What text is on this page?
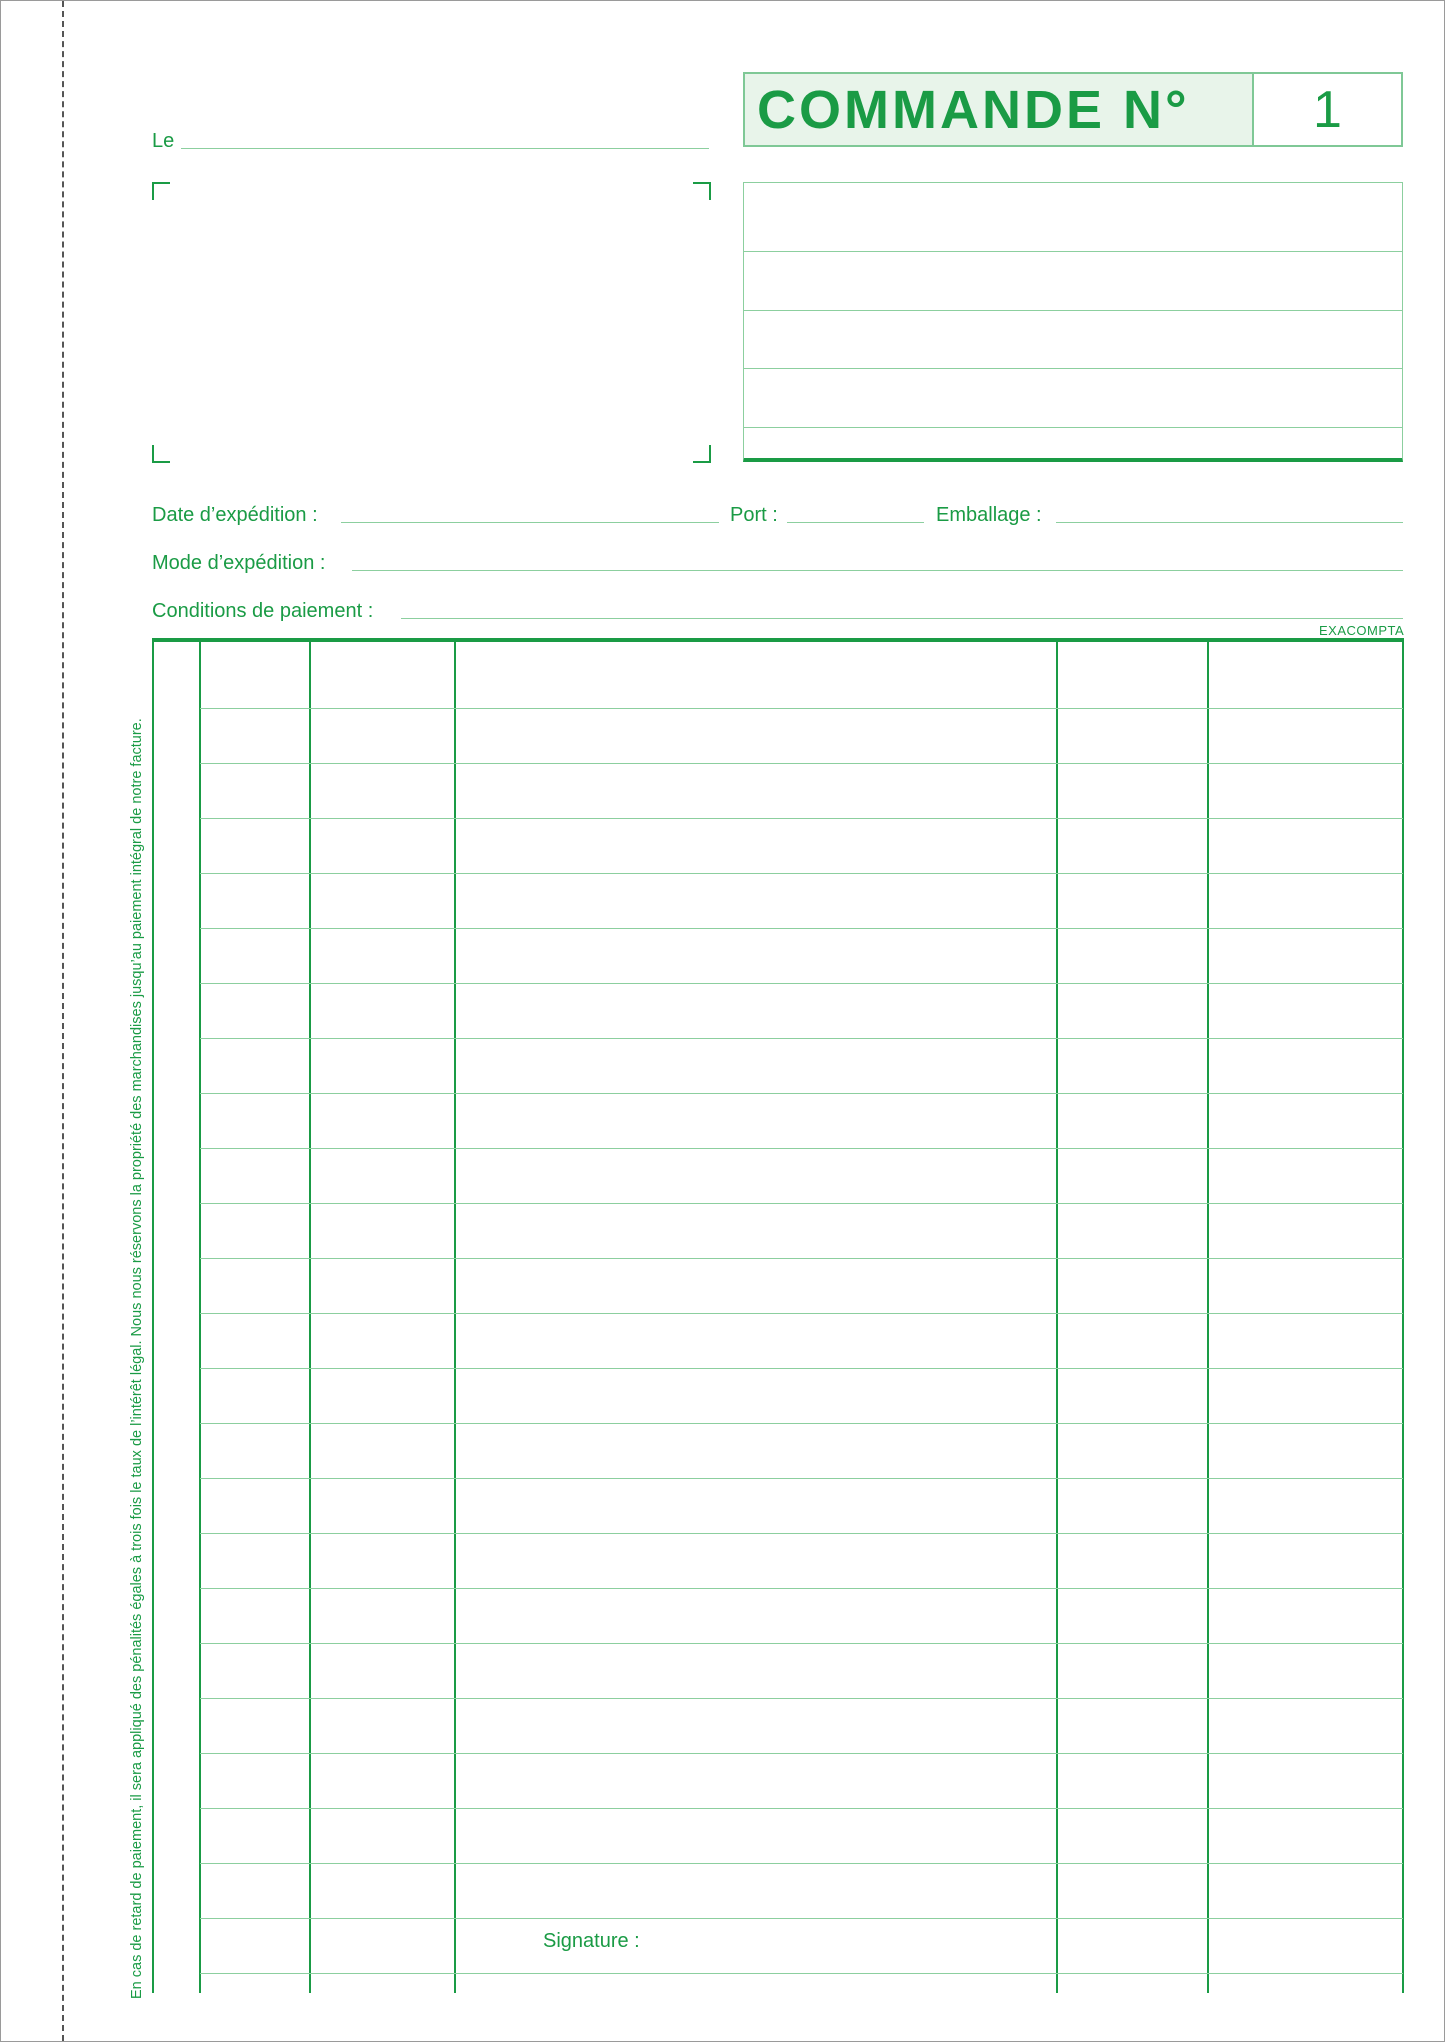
Le
COMMANDE N°	1
Date d’expédition :	Port :	Emballage :
Mode d’expédition :
Conditions de paiement :
EXACOMPTA
En cas de retard de paiement, il sera appliqué des pénalités égales à trois fois le taux de l’intérêt légal. Nous nous réservons la propriété des marchandises jusqu’au paiement intégral de notre facture.	Signature :
